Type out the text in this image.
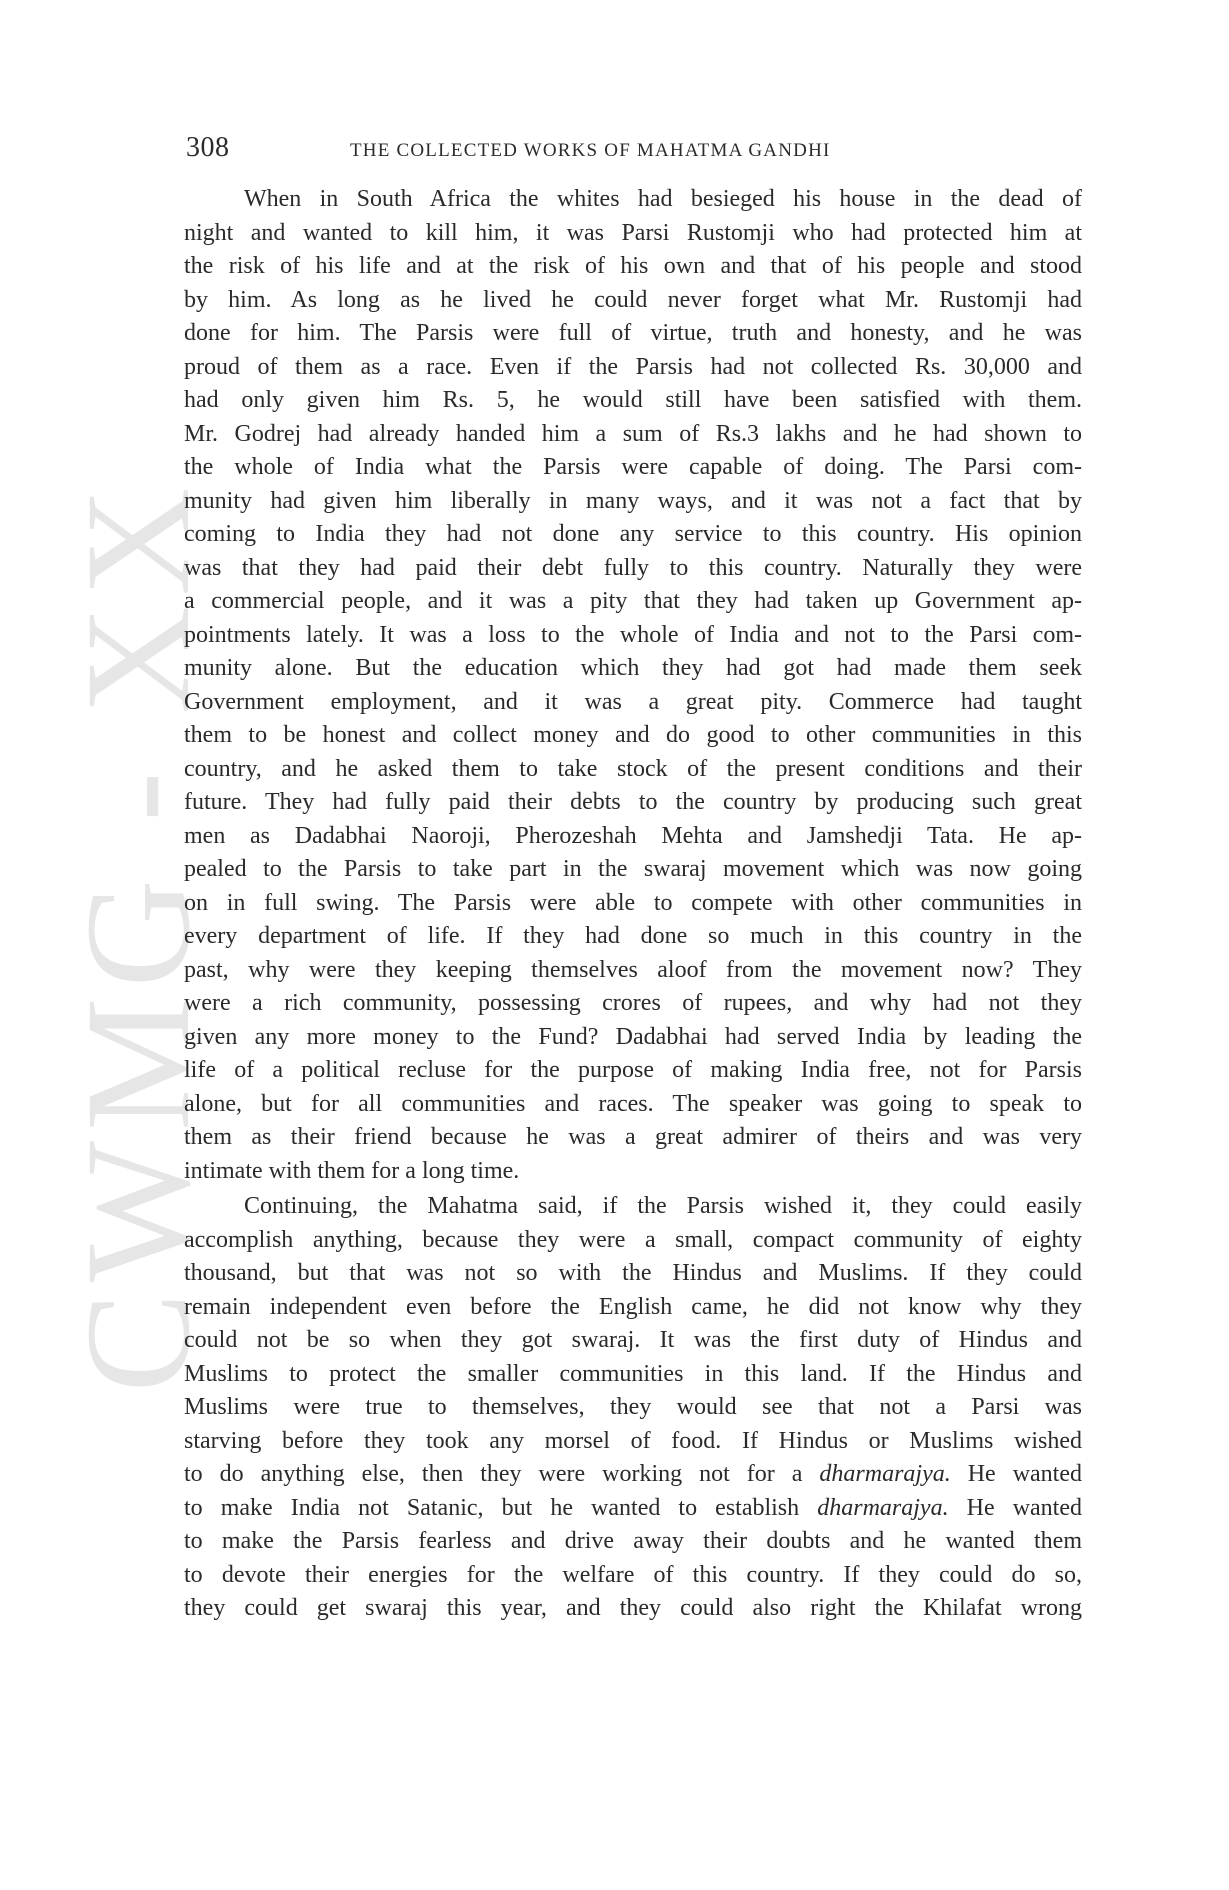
CWMG - XX
308	THE COLLECTED WORKS OF MAHATMA GANDHI

When in South Africa the whites had besieged his house in the dead of
night and wanted to kill him, it was Parsi Rustomji who had protected him at
the risk of his life and at the risk of his own and that of his people and stood
by him. As long as he lived he could never forget what Mr. Rustomji had
done for him. The Parsis were full of virtue, truth and honesty, and he was
proud of them as a race. Even if the Parsis had not collected Rs. 30,000 and
had only given him Rs. 5, he would still have been satisfied with them.
Mr. Godrej had already handed him a sum of Rs.3 lakhs and he had shown to
the whole of India what the Parsis were capable of doing. The Parsi com-
munity had given him liberally in many ways, and it was not a fact that by
coming to India they had not done any service to this country. His opinion
was that they had paid their debt fully to this country. Naturally they were
a commercial people, and it was a pity that they had taken up Government ap-
pointments lately. It was a loss to the whole of India and not to the Parsi com-
munity alone. But the education which they had got had made them seek
Government employment, and it was a great pity. Commerce had taught
them to be honest and collect money and do good to other communities in this
country, and he asked them to take stock of the present conditions and their
future. They had fully paid their debts to the country by producing such great
men as Dadabhai Naoroji, Pherozeshah Mehta and Jamshedji Tata. He ap-
pealed to the Parsis to take part in the swaraj movement which was now going
on in full swing. The Parsis were able to compete with other communities in
every department of life. If they had done so much in this country in the
past, why were they keeping themselves aloof from the movement now? They
were a rich community, possessing crores of rupees, and why had not they
given any more money to the Fund? Dadabhai had served India by leading the
life of a political recluse for the purpose of making India free, not for Parsis
alone, but for all communities and races. The speaker was going to speak to
them as their friend because he was a great admirer of theirs and was very
intimate with them for a long time.

Continuing, the Mahatma said, if the Parsis wished it, they could easily
accomplish anything, because they were a small, compact community of eighty
thousand, but that was not so with the Hindus and Muslims. If they could
remain independent even before the English came, he did not know why they
could not be so when they got swaraj. It was the first duty of Hindus and
Muslims to protect the smaller communities in this land. If the Hindus and
Muslims were true to themselves, they would see that not a Parsi was
starving before they took any morsel of food. If Hindus or Muslims wished
to do anything else, then they were working not for a dharmarajya. He wanted
to make India not Satanic, but he wanted to establish dharmarajya. He wanted
to make the Parsis fearless and drive away their doubts and he wanted them
to devote their energies for the welfare of this country. If they could do so,
they could get swaraj this year, and they could also right the Khilafat wrong
